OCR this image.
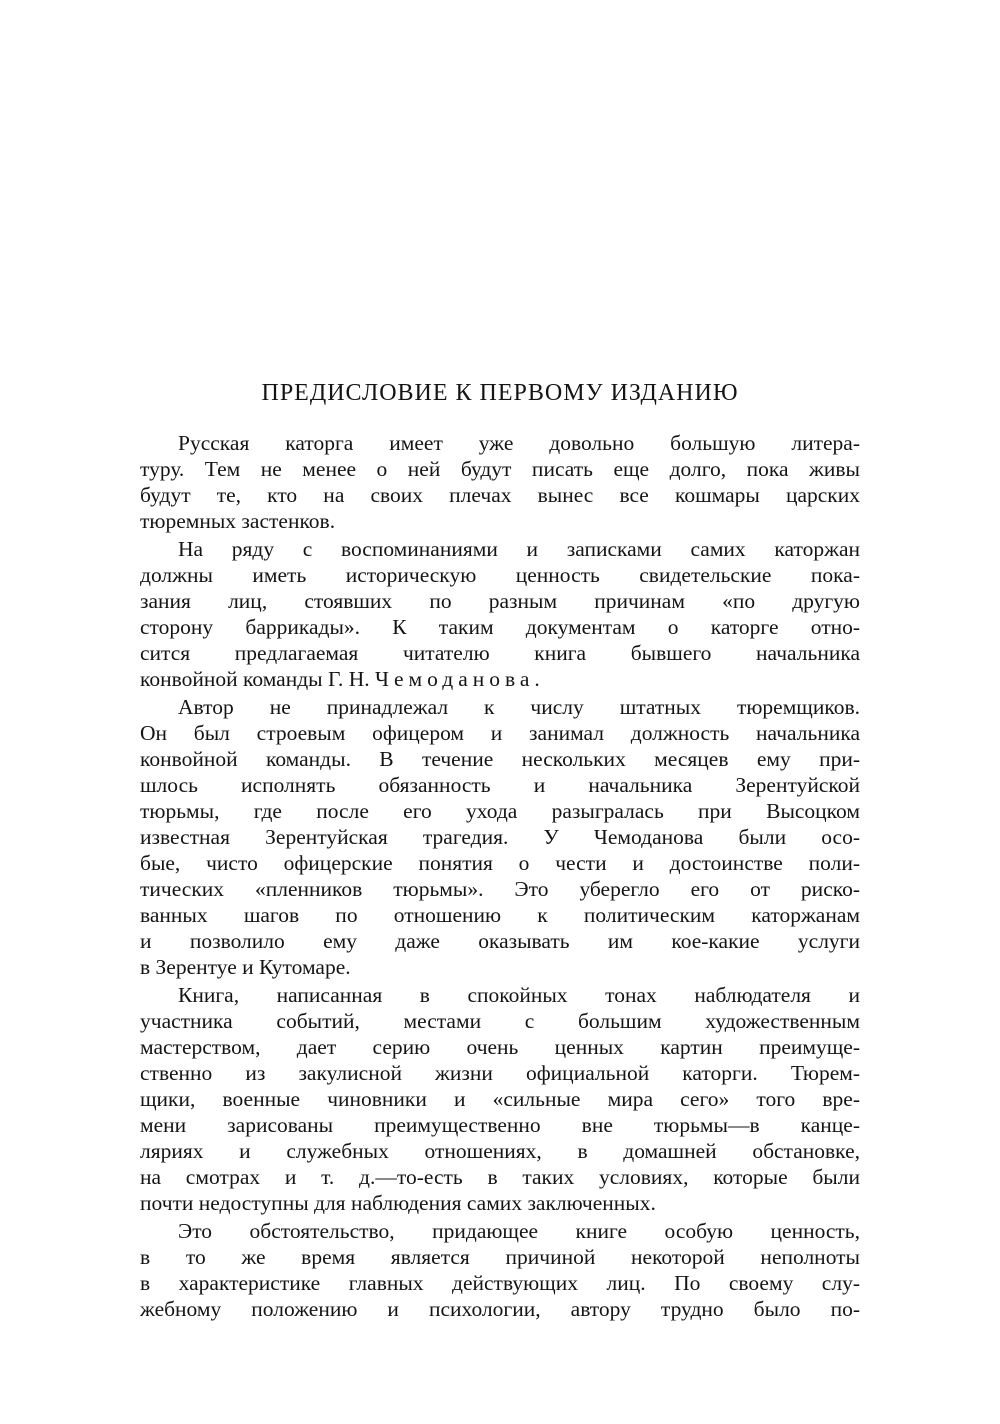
ПРЕДИСЛОВИЕ К ПЕРВОМУ ИЗДАНИЮ

Русская каторга имеет уже довольно большую литера-
туру. Тем не менее о ней будут писать еще долго, пока живы
будут те, кто на своих плечах вынес все кошмары царских
тюремных застенков.

На ряду с воспоминаниями и записками самих каторжан
должны иметь историческую ценность свидетельские пока-
зания лиц, стоявших по разным причинам «по другую
сторону баррикады». К таким документам о каторге отно-
сится предлагаемая читателю книга бывшего начальника
конвойной команды Г. Н. Чемоданова.

Автор не принадлежал к числу штатных тюремщиков.
Он был строевым офицером и занимал должность начальника
конвойной команды. В течение нескольких месяцев ему при-
шлось исполнять обязанность и начальника Зерентуйской
тюрьмы, где после его ухода разыгралась при Высоцком
известная Зерентуйская трагедия. У Чемоданова были осо-
бые, чисто офицерские понятия о чести и достоинстве поли-
тических «пленников тюрьмы». Это уберегло его от риско-
ванных шагов по отношению к политическим каторжанам
и позволило ему даже оказывать им кое-какие услуги
в Зерентуе и Кутомаре.

Книга, написанная в спокойных тонах наблюдателя и
участника событий, местами с большим художественным
мастерством, дает серию очень ценных картин преимуще-
ственно из закулисной жизни официальной каторги. Тюрем-
щики, военные чиновники и «сильные мира сего» того вре-
мени зарисованы преимущественно вне тюрьмы—в канце-
ляриях и служебных отношениях, в домашней обстановке,
на смотрах и т. д.—то-есть в таких условиях, которые были
почти недоступны для наблюдения самих заключенных.

Это обстоятельство, придающее книге особую ценность,
в то же время является причиной некоторой неполноты
в характеристике главных действующих лиц. По своему слу-
жебному положению и психологии, автору трудно было по-
